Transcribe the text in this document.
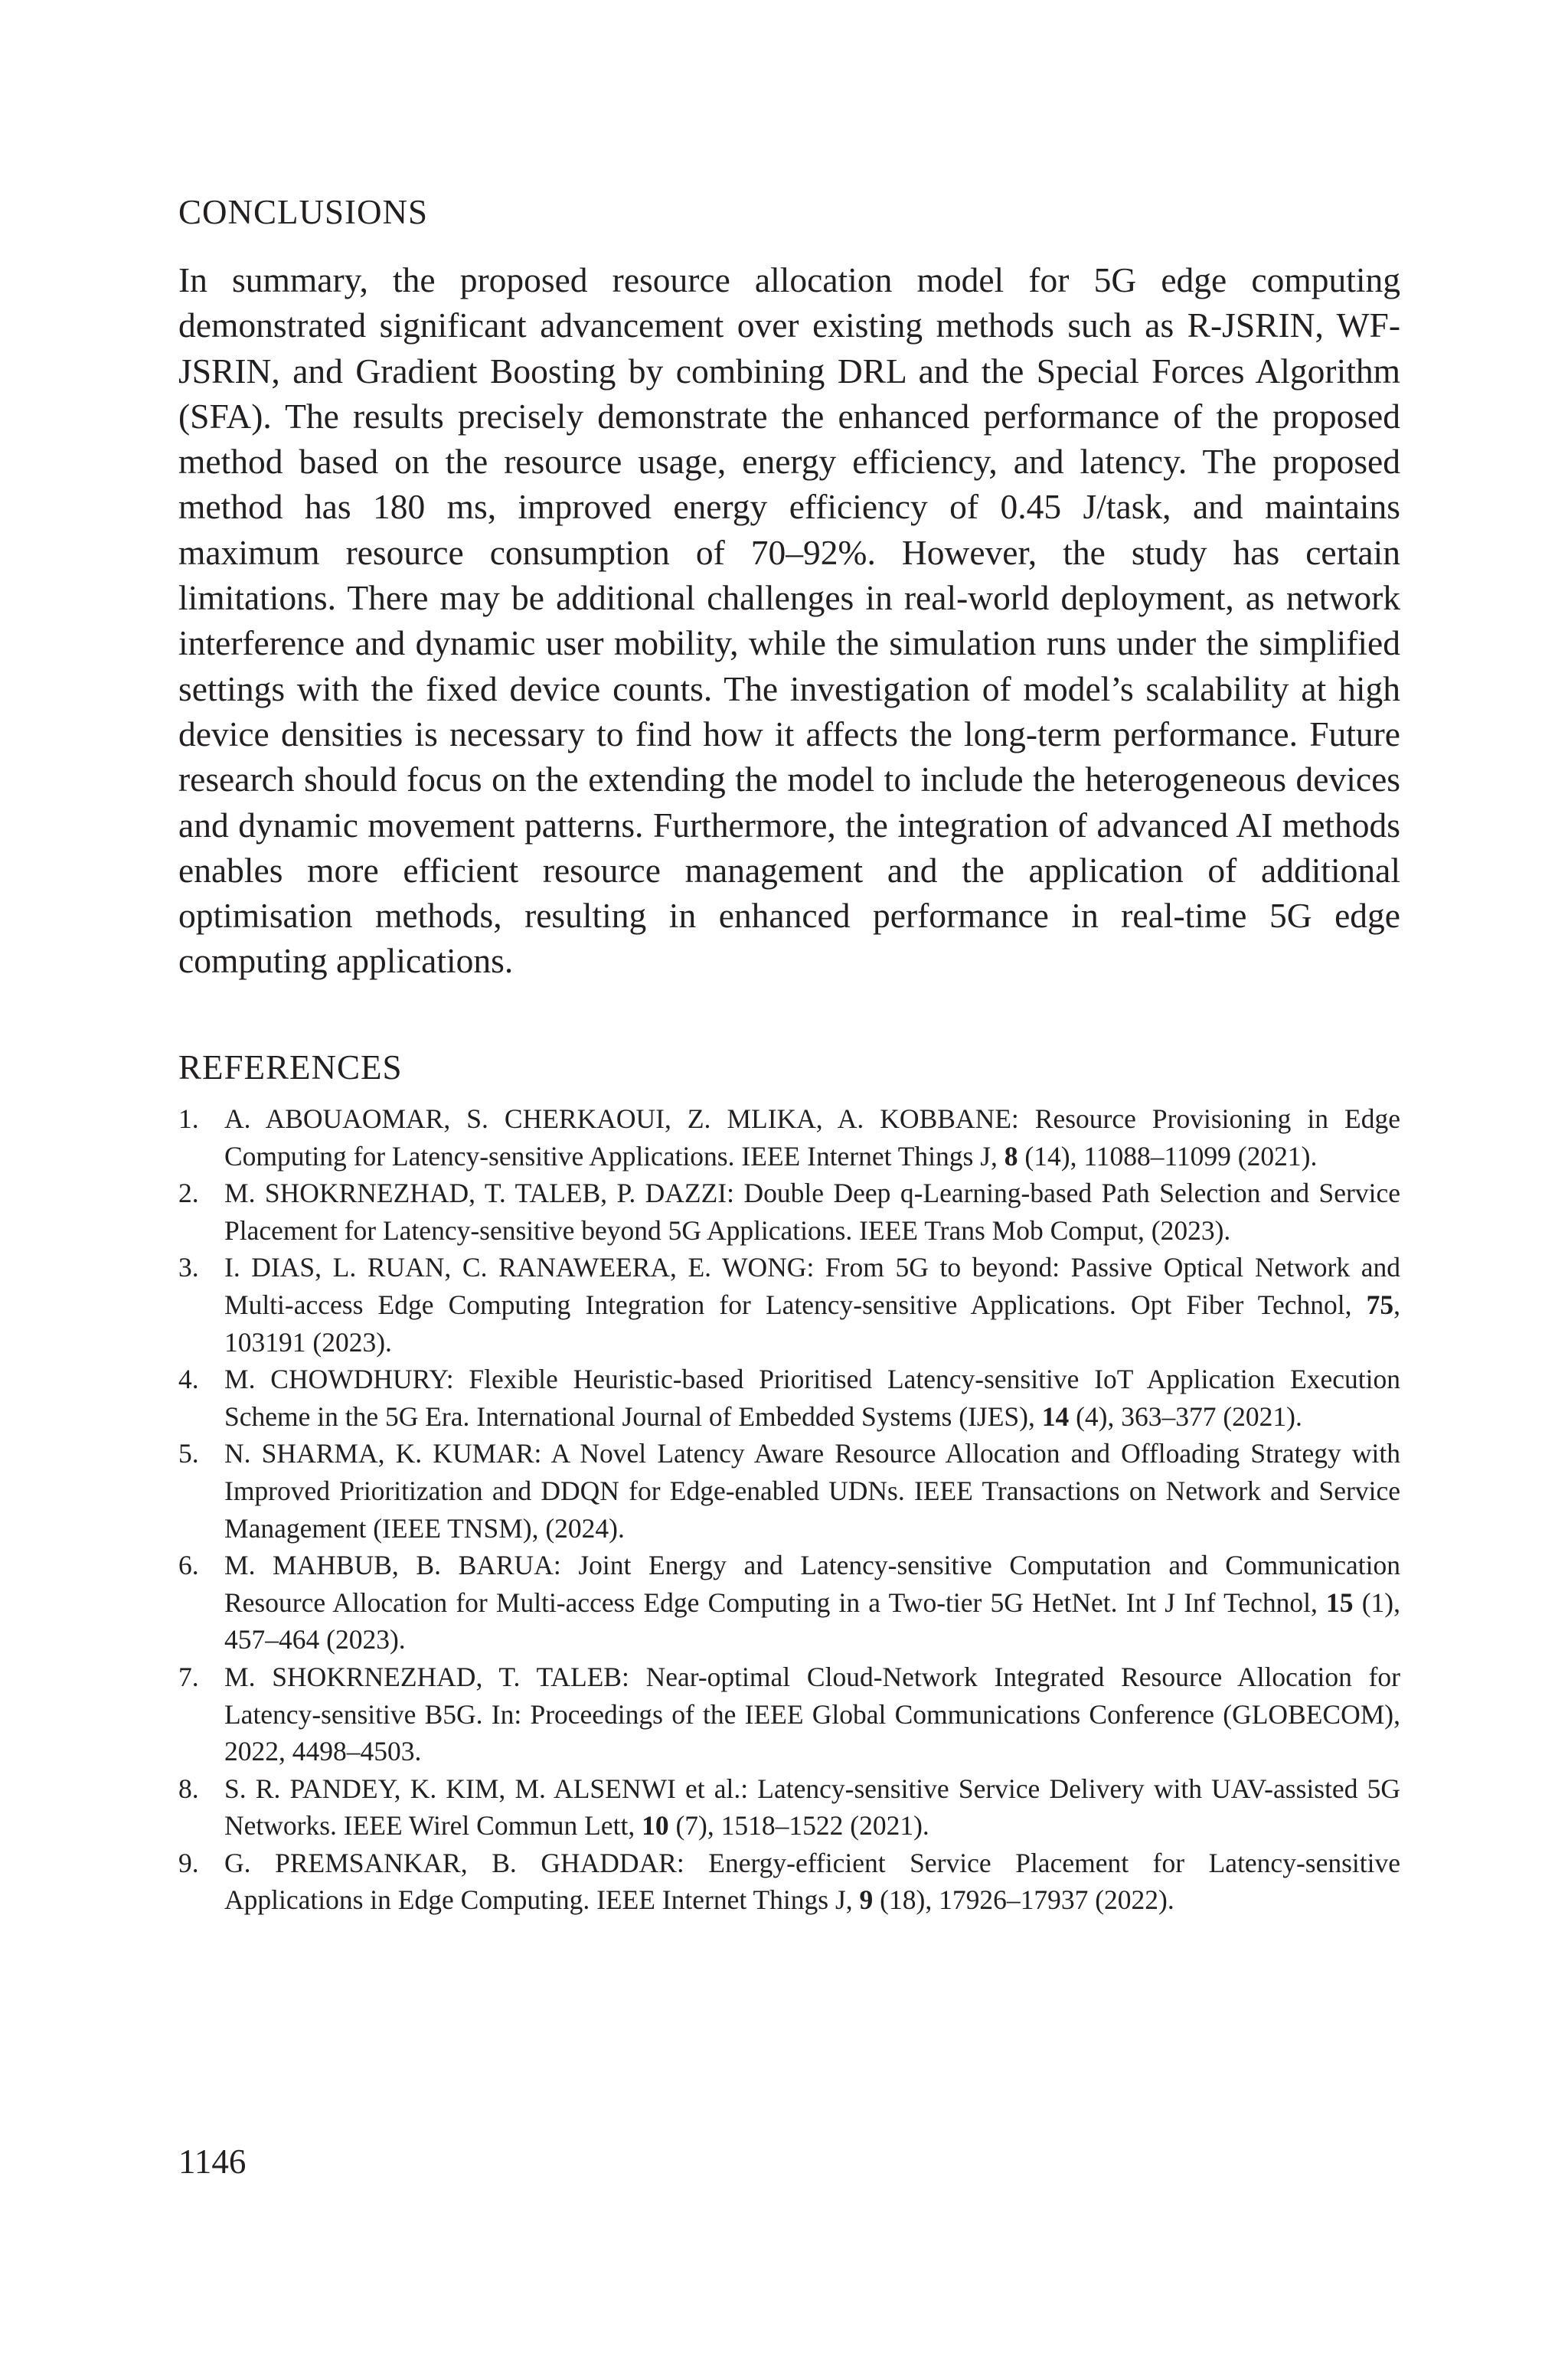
CONCLUSIONS

In summary, the proposed resource allocation model for 5G edge computing demonstrated significant advancement over existing methods such as R-JSRIN, WF-JSRIN, and Gradient Boosting by combining DRL and the Special Forces Algorithm (SFA). The results precisely demonstrate the enhanced performance of the proposed method based on the resource usage, energy efficiency, and latency. The proposed method has 180 ms, improved energy efficiency of 0.45 J/task, and maintains maximum resource consumption of 70–92%. However, the study has certain limitations. There may be additional challenges in real-world deployment, as network interference and dynamic user mobility, while the simulation runs under the simplified settings with the fixed device counts. The investigation of model’s scalability at high device densities is necessary to find how it affects the long-term performance. Future research should focus on the extending the model to include the heterogeneous devices and dynamic movement patterns. Furthermore, the integration of advanced AI methods enables more efficient resource management and the application of additional optimisation methods, resulting in enhanced performance in real-time 5G edge computing applications.

REFERENCES
1. A. ABOUAOMAR, S. CHERKAOUI, Z. MLIKA, A. KOBBANE: Resource Provisioning in Edge Computing for Latency-sensitive Applications. IEEE Internet Things J, 8 (14), 11088–11099 (2021).
2. M. SHOKRNEZHAD, T. TALEB, P. DAZZI: Double Deep q-Learning-based Path Selection and Service Placement for Latency-sensitive beyond 5G Applications. IEEE Trans Mob Comput, (2023).
3. I. DIAS, L. RUAN, C. RANAWEERA, E. WONG: From 5G to beyond: Passive Optical Network and Multi-access Edge Computing Integration for Latency-sensitive Applications. Opt Fiber Technol, 75, 103191 (2023).
4. M. CHOWDHURY: Flexible Heuristic-based Prioritised Latency-sensitive IoT Application Execution Scheme in the 5G Era. International Journal of Embedded Systems (IJES), 14 (4), 363–377 (2021).
5. N. SHARMA, K. KUMAR: A Novel Latency Aware Resource Allocation and Offloading Strategy with Improved Prioritization and DDQN for Edge-enabled UDNs. IEEE Transactions on Network and Service Management (IEEE TNSM), (2024).
6. M. MAHBUB, B. BARUA: Joint Energy and Latency-sensitive Computation and Communication Resource Allocation for Multi-access Edge Computing in a Two-tier 5G HetNet. Int J Inf Technol, 15 (1), 457–464 (2023).
7. M. SHOKRNEZHAD, T. TALEB: Near-optimal Cloud-Network Integrated Resource Allocation for Latency-sensitive B5G. In: Proceedings of the IEEE Global Communications Conference (GLOBECOM), 2022, 4498–4503.
8. S. R. PANDEY, K. KIM, M. ALSENWI et al.: Latency-sensitive Service Delivery with UAV-assisted 5G Networks. IEEE Wirel Commun Lett, 10 (7), 1518–1522 (2021).
9. G. PREMSANKAR, B. GHADDAR: Energy-efficient Service Placement for Latency-sensitive Applications in Edge Computing. IEEE Internet Things J, 9 (18), 17926–17937 (2022).
1146
